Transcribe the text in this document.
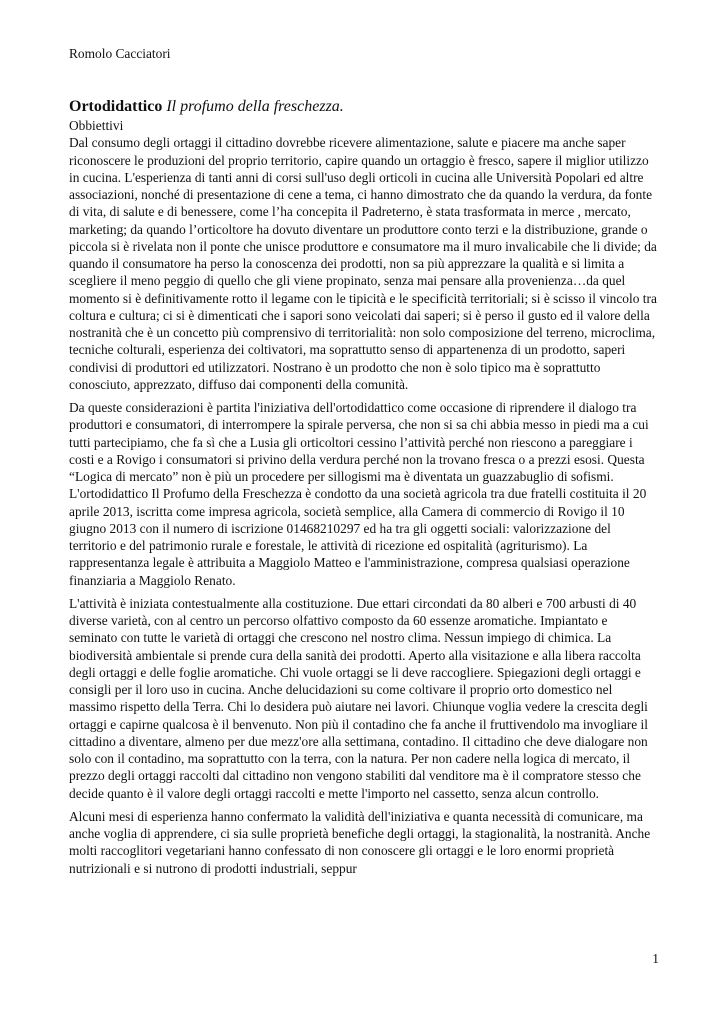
Romolo Cacciatori
Ortodidattico Il profumo della freschezza.

Obbiettivi

Dal consumo degli ortaggi il cittadino dovrebbe ricevere alimentazione, salute e piacere ma anche saper riconoscere le produzioni del proprio territorio, capire quando un ortaggio è fresco, sapere il miglior utilizzo in cucina. L'esperienza di tanti anni di corsi sull'uso degli orticoli in cucina alle Università Popolari ed altre associazioni, nonché di presentazione di cene a tema, ci hanno dimostrato che da quando la verdura, da fonte di vita, di salute e di benessere, come l’ha concepita il Padreterno, è stata trasformata in merce , mercato, marketing; da quando l’orticoltore ha dovuto diventare un produttore conto terzi e la distribuzione, grande o piccola si è rivelata non il ponte che unisce produttore e consumatore ma il muro invalicabile che li divide; da quando il consumatore ha perso la conoscenza dei prodotti, non sa più apprezzare la qualità e si limita a scegliere il meno peggio di quello che gli viene propinato, senza mai pensare alla provenienza…da quel momento si è definitivamente rotto il legame con le tipicità e le specificità territoriali; si è scisso il vincolo tra coltura e cultura; ci si è dimenticati che i sapori sono veicolati dai saperi; si è perso il gusto ed il valore della nostranità che è un concetto più comprensivo di territorialità: non solo composizione del terreno, microclima, tecniche colturali, esperienza dei coltivatori, ma soprattutto senso di appartenenza di un prodotto, saperi condivisi di produttori ed utilizzatori. Nostrano è un prodotto che non è solo tipico ma è soprattutto conosciuto, apprezzato, diffuso dai componenti della comunità.

Da queste considerazioni è partita l'iniziativa dell'ortodidattico come occasione di riprendere il dialogo tra produttori e consumatori, di interrompere la spirale perversa, che non si sa chi abbia messo in piedi ma a cui tutti partecipiamo, che fa sì che a Lusia gli orticoltori cessino l’attività perché non riescono a pareggiare i costi e a Rovigo i consumatori si privino della verdura perché non la trovano fresca o a prezzi esosi. Questa “Logica di mercato” non è più un procedere per sillogismi ma è diventata un guazzabuglio di sofismi.

L'ortodidattico Il Profumo della Freschezza è condotto da una società agricola tra due fratelli costituita il 20 aprile 2013, iscritta come impresa agricola, società semplice, alla Camera di commercio di Rovigo il 10 giugno 2013 con il numero di iscrizione 01468210297 ed ha tra gli oggetti sociali: valorizzazione del territorio e del patrimonio rurale e forestale, le attività di ricezione ed ospitalità (agriturismo). La rappresentanza legale è attribuita a Maggiolo Matteo e l'amministrazione, compresa qualsiasi operazione finanziaria a Maggiolo Renato.

L'attività è iniziata contestualmente alla costituzione. Due ettari circondati da 80 alberi e 700 arbusti di 40 diverse varietà, con al centro un percorso olfattivo composto da 60 essenze aromatiche. Impiantato e seminato con tutte le varietà di ortaggi che crescono nel nostro clima. Nessun impiego di chimica. La biodiversità ambientale si prende cura della sanità dei prodotti. Aperto alla visitazione e alla libera raccolta degli ortaggi e delle foglie aromatiche. Chi vuole ortaggi se li deve raccogliere. Spiegazioni degli ortaggi e consigli per il loro uso in cucina. Anche delucidazioni su come coltivare il proprio orto domestico nel massimo rispetto della Terra. Chi lo desidera può aiutare nei lavori. Chiunque voglia vedere la crescita degli ortaggi e capirne qualcosa è il benvenuto. Non più il contadino che fa anche il fruttivendolo ma invogliare il cittadino a diventare, almeno per due mezz'ore alla settimana, contadino. Il cittadino che deve dialogare non solo con il contadino, ma soprattutto con la terra, con la natura. Per non cadere nella logica di mercato, il prezzo degli ortaggi raccolti dal cittadino non vengono stabiliti dal venditore ma è il compratore stesso che decide quanto è il valore degli ortaggi raccolti e mette l'importo nel cassetto, senza alcun controllo.

Alcuni mesi di esperienza hanno confermato la validità dell'iniziativa e quanta necessità di comunicare, ma anche voglia di apprendere, ci sia sulle proprietà benefiche degli ortaggi, la stagionalità, la nostranità. Anche molti raccoglitori vegetariani hanno confessato di non conoscere gli ortaggi e le loro enormi proprietà nutrizionali e si nutrono di prodotti industriali, seppur

1
